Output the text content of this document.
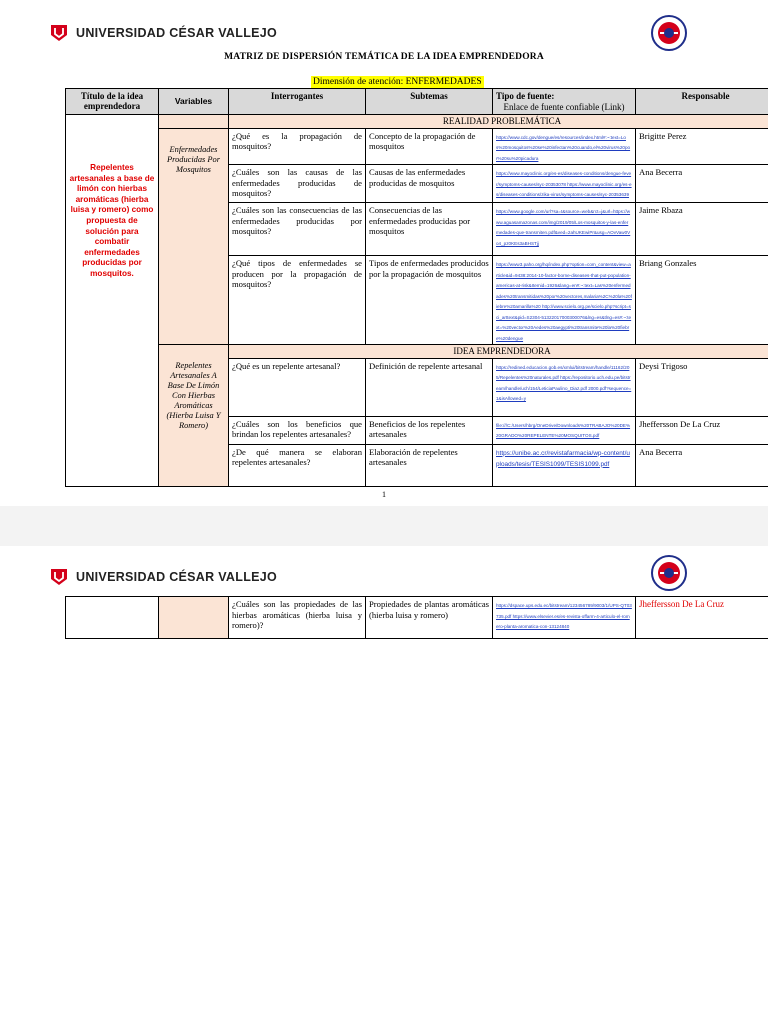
UNIVERSIDAD CÉSAR VALLEJO
MATRIZ DE DISPERSIÓN TEMÁTICA DE LA IDEA EMPRENDEDORA
Dimensión de atención: ENFERMEDADES
Título de la idea emprendedora	Variables	Interrogantes	Subtemas	Tipo de fuente:
Enlace de fuente confiable (Link)	Responsable

Repelentes artesanales a base de limón con hierbas aromáticas (hierba luisa y romero) como propuesta de solución para combatir enfermedades producidas por mosquitos.		REALIDAD PROBLEMÁTICA			
	Enfermedades Producidas Por Mosquitos	¿Qué es la propagación de mosquitos?	Concepto de la propagación de mosquitos	https://www.cdc.gov/dengue/es/resources/index.html#:~:text=Los%20mosquitos%20se%20infectan%20cuando,el%20virus%20por%20su%20picadura	Brigitte Perez
		¿Cuáles son las causas de las enfermedades producidas de mosquitos?	Causas de las enfermedades producidas de mosquitos	https://www.mayoclinic.org/es-es/diseases-conditions/dengue-fever/symptoms-causes/syc-20353078 https://www.mayoclinic.org/es-es/diseases-conditions/zika-virus/symptoms-causes/syc-20353639	Ana Becerra
		¿Cuáles son las consecuencias de las enfermedades producidas por mosquitos?	Consecuencias de las enfermedades producidas por mosquitos	https://www.google.com/url?sa=t&source=web&rct=j&url=https://www.aguasamazonas.com/img/2019/05/Los-mosquitos-y-las-enfermedades-que-transmiten.pdf&ved=2ahUKEwiPr&usg=AOvVaw0Vo4_pz0KEs3aBHSTjj	Jaime Rbaza
		¿Qué tipos de enfermedades se producen por la propagación de mosquitos?	Tipos de enfermedades producidos por la propagación de mosquitos	https://www3.paho.org/hq/index.php?option=com_content&view=article&id=9438:2014-10-factor-borne-diseases-that-put-population-americas-at-risk&Itemid=1926&lang=en#:~:text=Las%20enfermedades%20transmitidas%20por%20vectores,malaria%2C%20la%20fiebre%20amarilla%20 http://www.scielo.org.pe/scielo.php?script=sci_arttext&pid=S2304-51322017000300076&lng=es&tlng=es#:~:text=%20vector%20Aedes%20aegypti%20transmite%20la%20fiebre%20dengue	Briang Gonzales
	Repelentes Artesanales A Base De Limón Con Hierbas Aromáticas (Hierba Luisa Y Romero)	IDEA EMPRENDEDORA			
		¿Qué es un repelente artesanal?	Definición de repelente artesanal	https://redined.educacion.gob.es/xmlui/bitstream/handle/11162/205/Repelentes%20naturales.pdf https://repositorio.uch.edu.pe/bitstream/handle/uch/154/LeticiaPaulino_Diaz.pdf 2000.pdf?sequence=1&isAllowed=y	Deysi Trigoso
		¿Cuáles son los beneficios que brindan los repelentes artesanales?	Beneficios de los repelentes artesanales	file:///C:/Users/hbrg/OneDrive/Downloads%20TRABAJO%20DE%20GRADO%20REPELENTE%20MOSQUITOS.pdf	Jheffersson De La Cruz
		¿De qué manera se elaboran repelentes artesanales?	Elaboración de repelentes artesanales	https://unibe.ac.cr/revistafarmacia/wp-content/uploads/tesis/TESIS1099/TESIS1099.pdf	Ana Becerra
1
UNIVERSIDAD CÉSAR VALLEJO
		¿Cuáles son las propiedades de las hierbas aromáticas (hierba luisa y romero)?	Propiedades de plantas aromáticas (hierba luisa y romero)	https://dspace.ups.edu.ec/bitstream/123456789/9003/1/UPS-QT03735.pdf https://www.elsevier.es/es-revista-offarm-4-articulo-el-romero-planta-aromatica-con-13124840	Jheffersson De La Cruz
